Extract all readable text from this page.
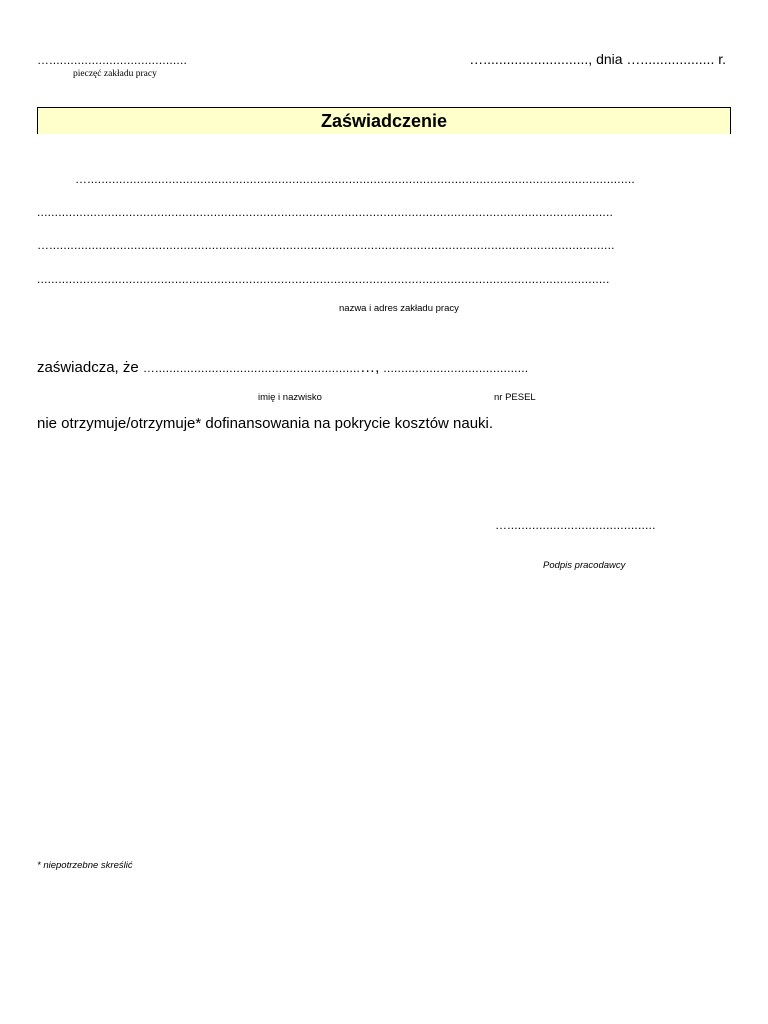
….......................................
pieczęć zakładu pracy
…..........................., dnia …................... r.
Zaświadczenie
…...........................................................................................................................................................
...................................................................................................................................................................
…................................................................................................................................................................
..................................................................................................................................................................
nazwa i adres zakładu pracy
zaświadcza, że …..........................................................…, .........................................
imię i nazwisko	nr PESEL
nie otrzymuje/otrzymuje* dofinansowania na pokrycie kosztów nauki.
…..........................................
Podpis pracodawcy
* niepotrzebne skreślić
